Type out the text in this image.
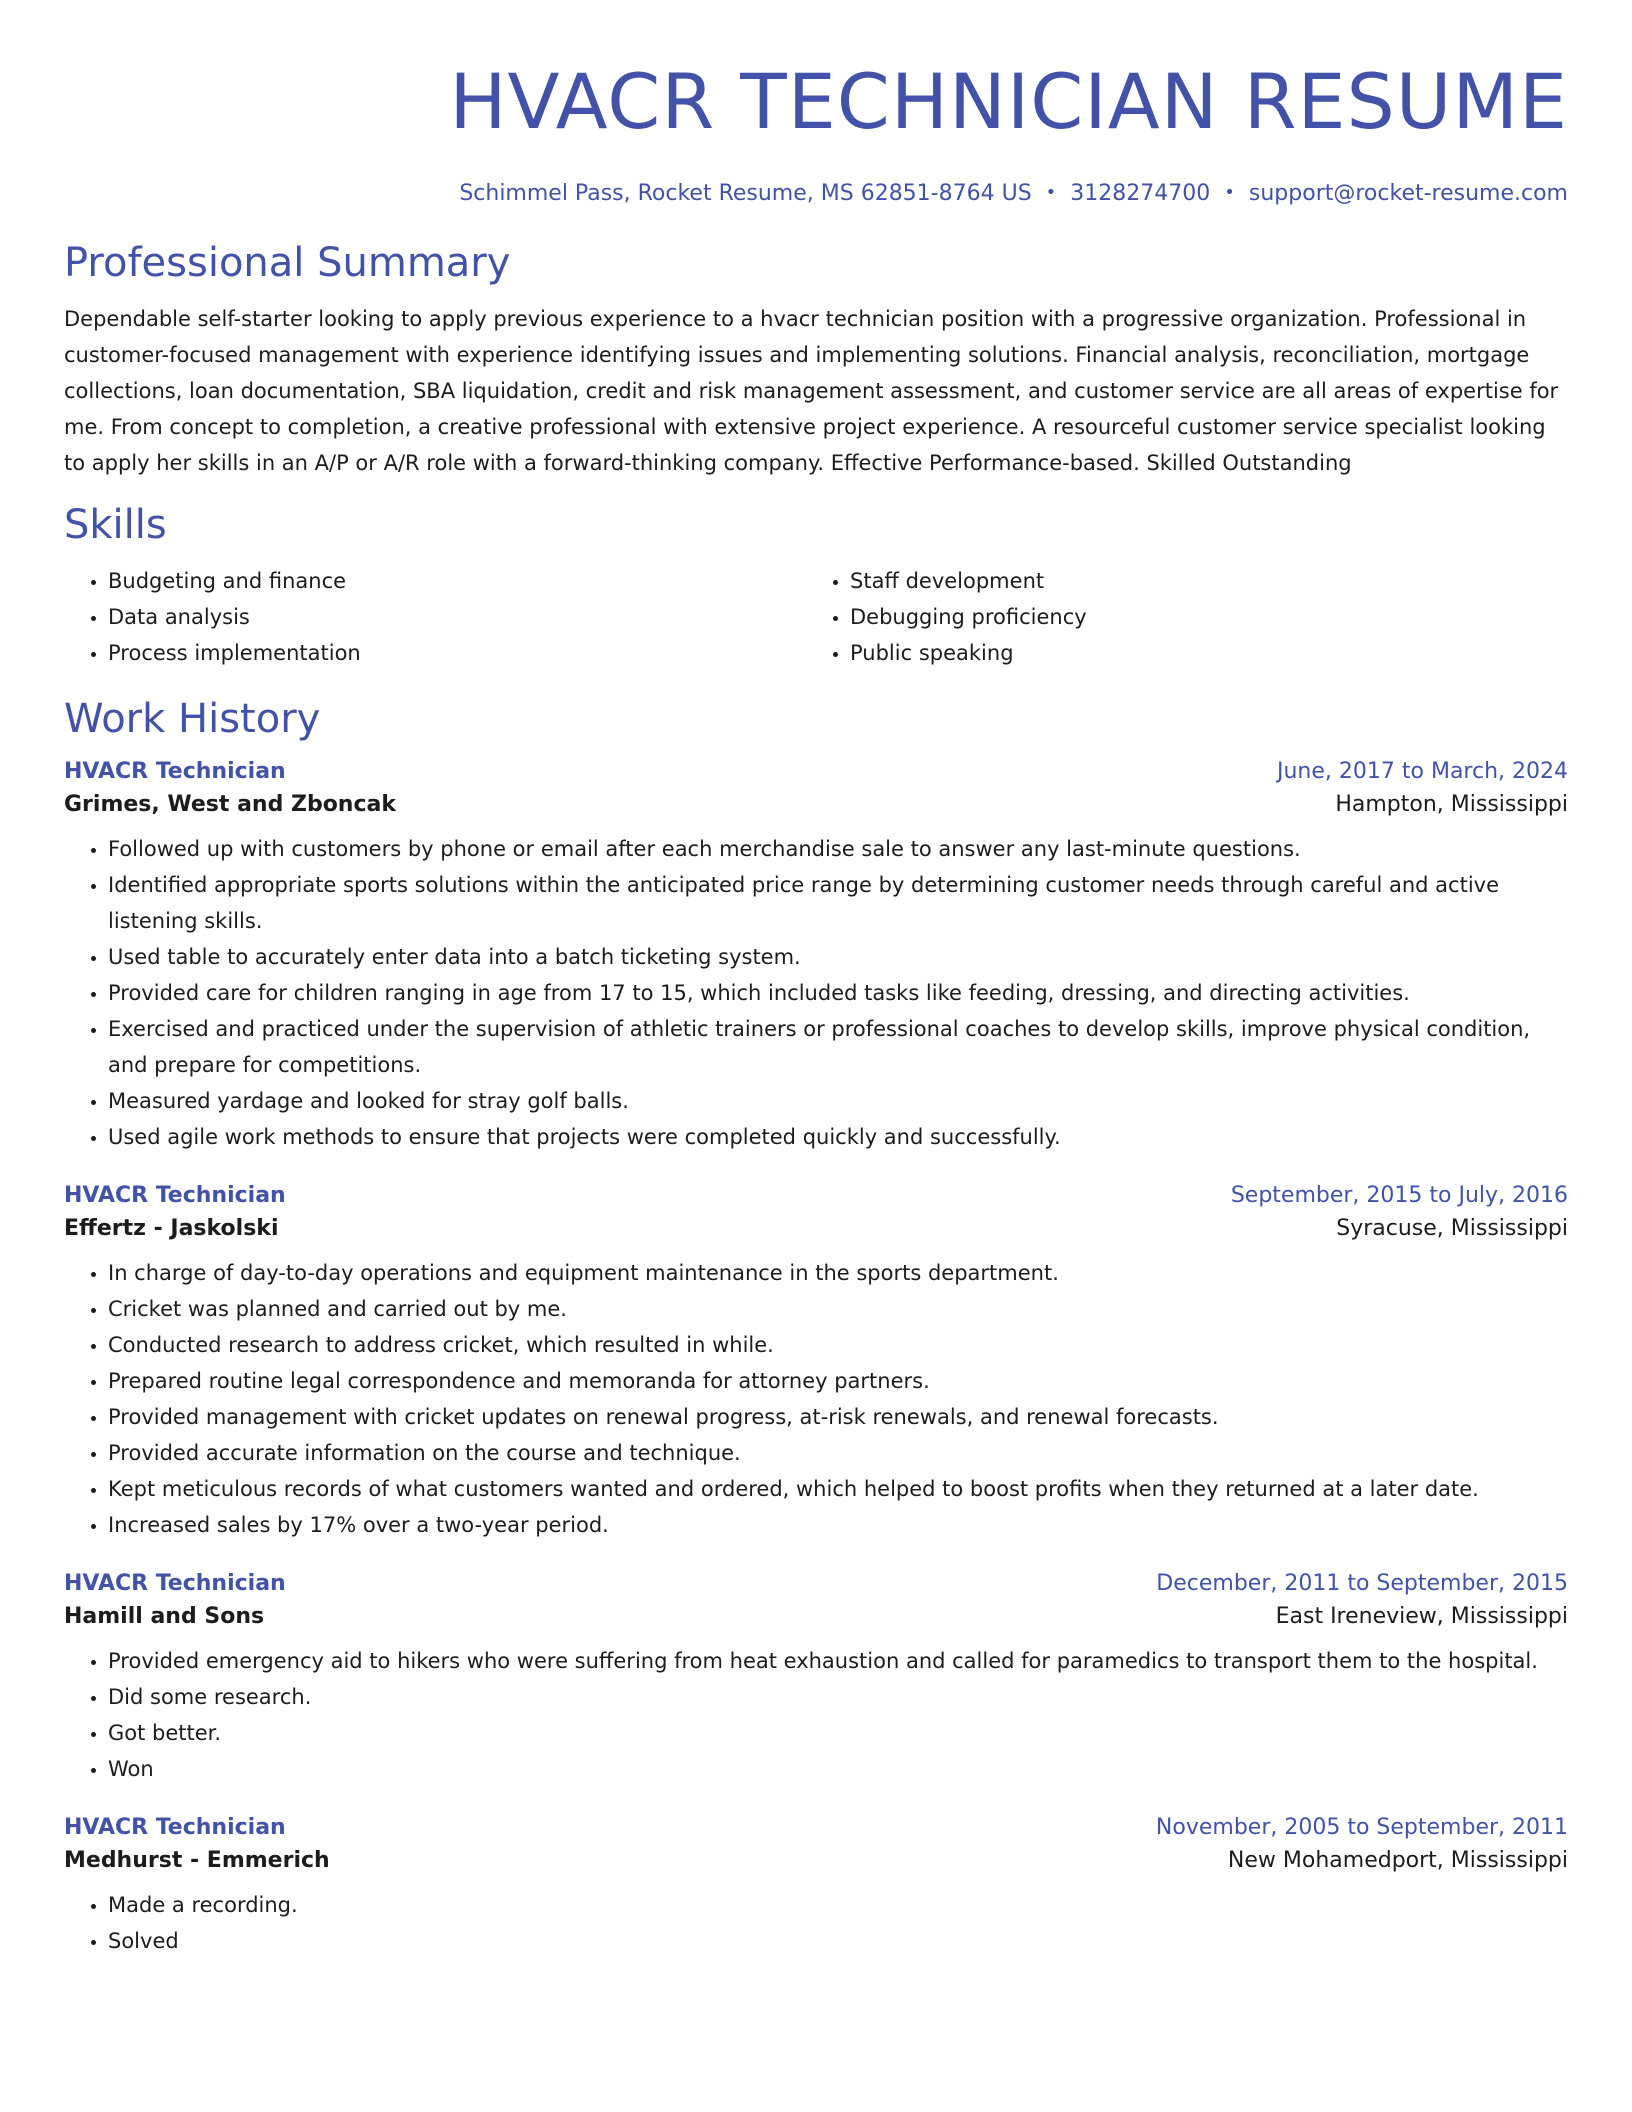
HVACR TECHNICIAN RESUME
Schimmel Pass, Rocket Resume, MS 62851-8764 US • 3128274700 • support@rocket-resume.com
Professional Summary

Dependable self-starter looking to apply previous experience to a hvacr technician position with a progressive organization. Professional in customer-focused management with experience identifying issues and implementing solutions. Financial analysis, reconciliation, mortgage collections, loan documentation, SBA liquidation, credit and risk management assessment, and customer service are all areas of expertise for me. From concept to completion, a creative professional with extensive project experience. A resourceful customer service specialist looking to apply her skills in an A/P or A/R role with a forward-thinking company. Effective Performance-based. Skilled Outstanding

Skills
• Budgeting and finance
• Data analysis
• Process implementation
• Staff development
• Debugging proficiency
• Public speaking
Work History
HVACR Technician	June, 2017 to March, 2024
Grimes, West and Zboncak	Hampton, Mississippi
• Followed up with customers by phone or email after each merchandise sale to answer any last-minute questions.
• Identified appropriate sports solutions within the anticipated price range by determining customer needs through careful and active listening skills.
• Used table to accurately enter data into a batch ticketing system.
• Provided care for children ranging in age from 17 to 15, which included tasks like feeding, dressing, and directing activities.
• Exercised and practiced under the supervision of athletic trainers or professional coaches to develop skills, improve physical condition, and prepare for competitions.
• Measured yardage and looked for stray golf balls.
• Used agile work methods to ensure that projects were completed quickly and successfully.
HVACR Technician	September, 2015 to July, 2016
Effertz - Jaskolski	Syracuse, Mississippi
• In charge of day-to-day operations and equipment maintenance in the sports department.
• Cricket was planned and carried out by me.
• Conducted research to address cricket, which resulted in while.
• Prepared routine legal correspondence and memoranda for attorney partners.
• Provided management with cricket updates on renewal progress, at-risk renewals, and renewal forecasts.
• Provided accurate information on the course and technique.
• Kept meticulous records of what customers wanted and ordered, which helped to boost profits when they returned at a later date.
• Increased sales by 17% over a two-year period.
HVACR Technician	December, 2011 to September, 2015
Hamill and Sons	East Ireneview, Mississippi
• Provided emergency aid to hikers who were suffering from heat exhaustion and called for paramedics to transport them to the hospital.
• Did some research.
• Got better.
• Won
HVACR Technician	November, 2005 to September, 2011
Medhurst - Emmerich	New Mohamedport, Mississippi
• Made a recording.
• Solved
